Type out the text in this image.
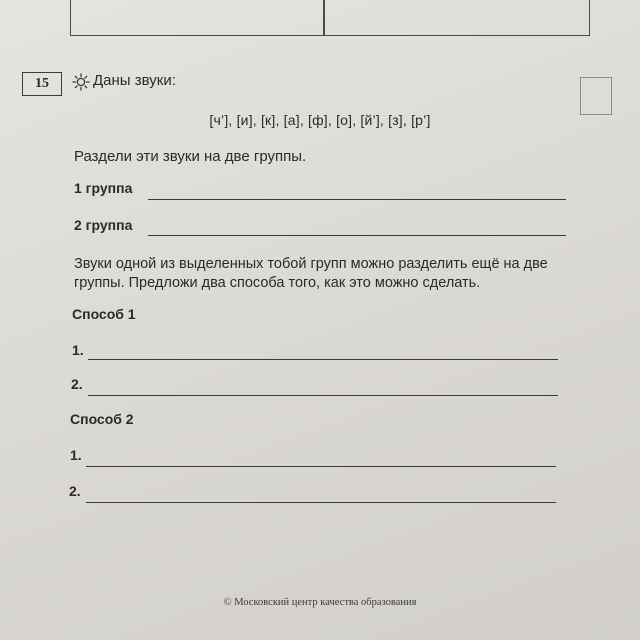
15	Даны звуки:
[ч’], [и], [к], [а], [ф], [о], [й’], [з], [р’]
Раздели эти звуки на две группы.
1 группа
2 группа
Звуки одной из выделенных тобой групп можно разделить ещё на две группы. Предложи два способа того, как это можно сделать.
Способ 1
1.
2.
Способ 2
1.
2.
© Московский центр качества образования
